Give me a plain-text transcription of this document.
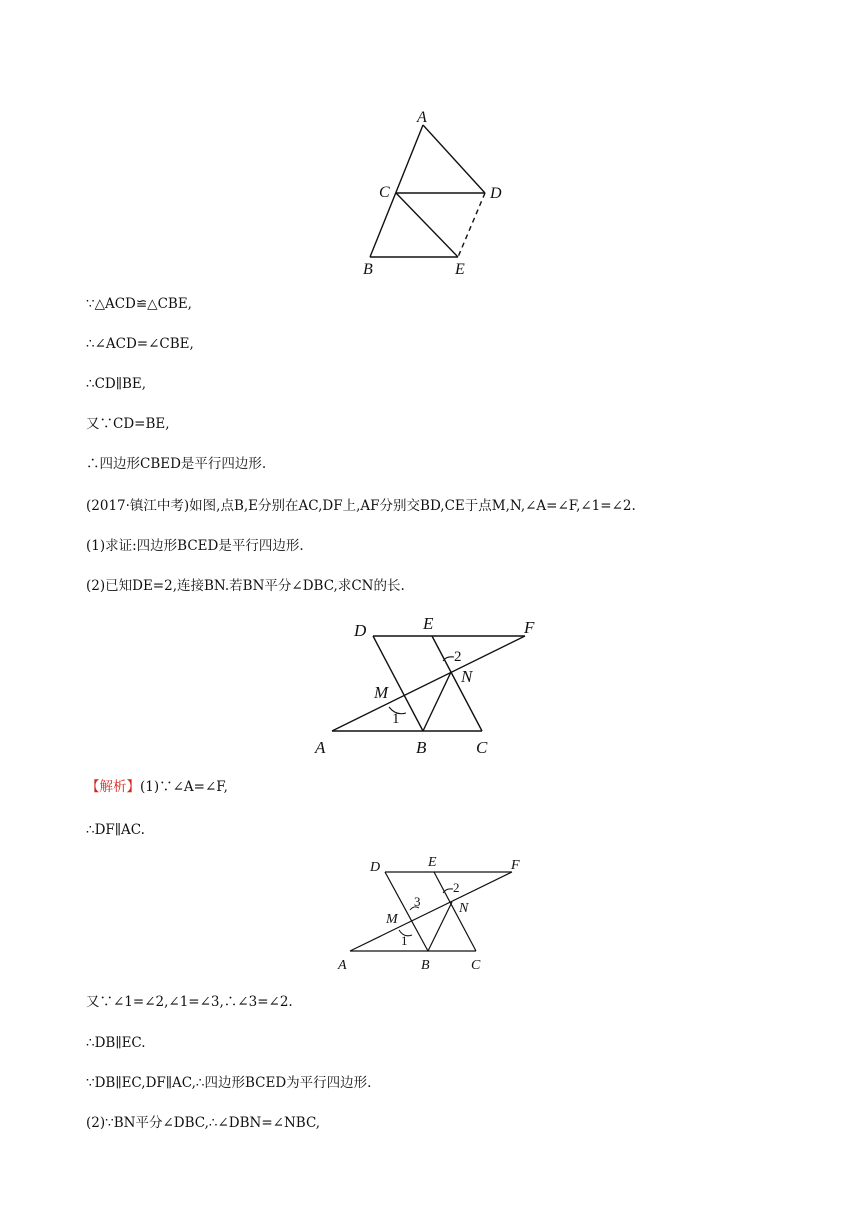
A
C	D
B	E
∵△ACD≌△CBE,
∴∠ACD=∠CBE,
∴CD∥BE,
又∵CD=BE,
∴四边形CBED是平行四边形.
(2017·镇江中考)如图,点B,E分别在AC,DF上,AF分别交BD,CE于点M,N,∠A=∠F,∠1=∠2.
(1)求证:四边形BCED是平行四边形.
(2)已知DE=2,连接BN.若BN平分∠DBC,求CN的长.
D	E	F
M
N
A	B	C
1
2
【解析】(1)∵∠A=∠F,
∴DF∥AC.
D	E	F
M
N
A	B	C
1
2
3
又∵∠1=∠2,∠1=∠3,∴∠3=∠2.
∴DB∥EC.
∵DB∥EC,DF∥AC,∴四边形BCED为平行四边形.
(2)∵BN平分∠DBC,∴∠DBN=∠NBC,
